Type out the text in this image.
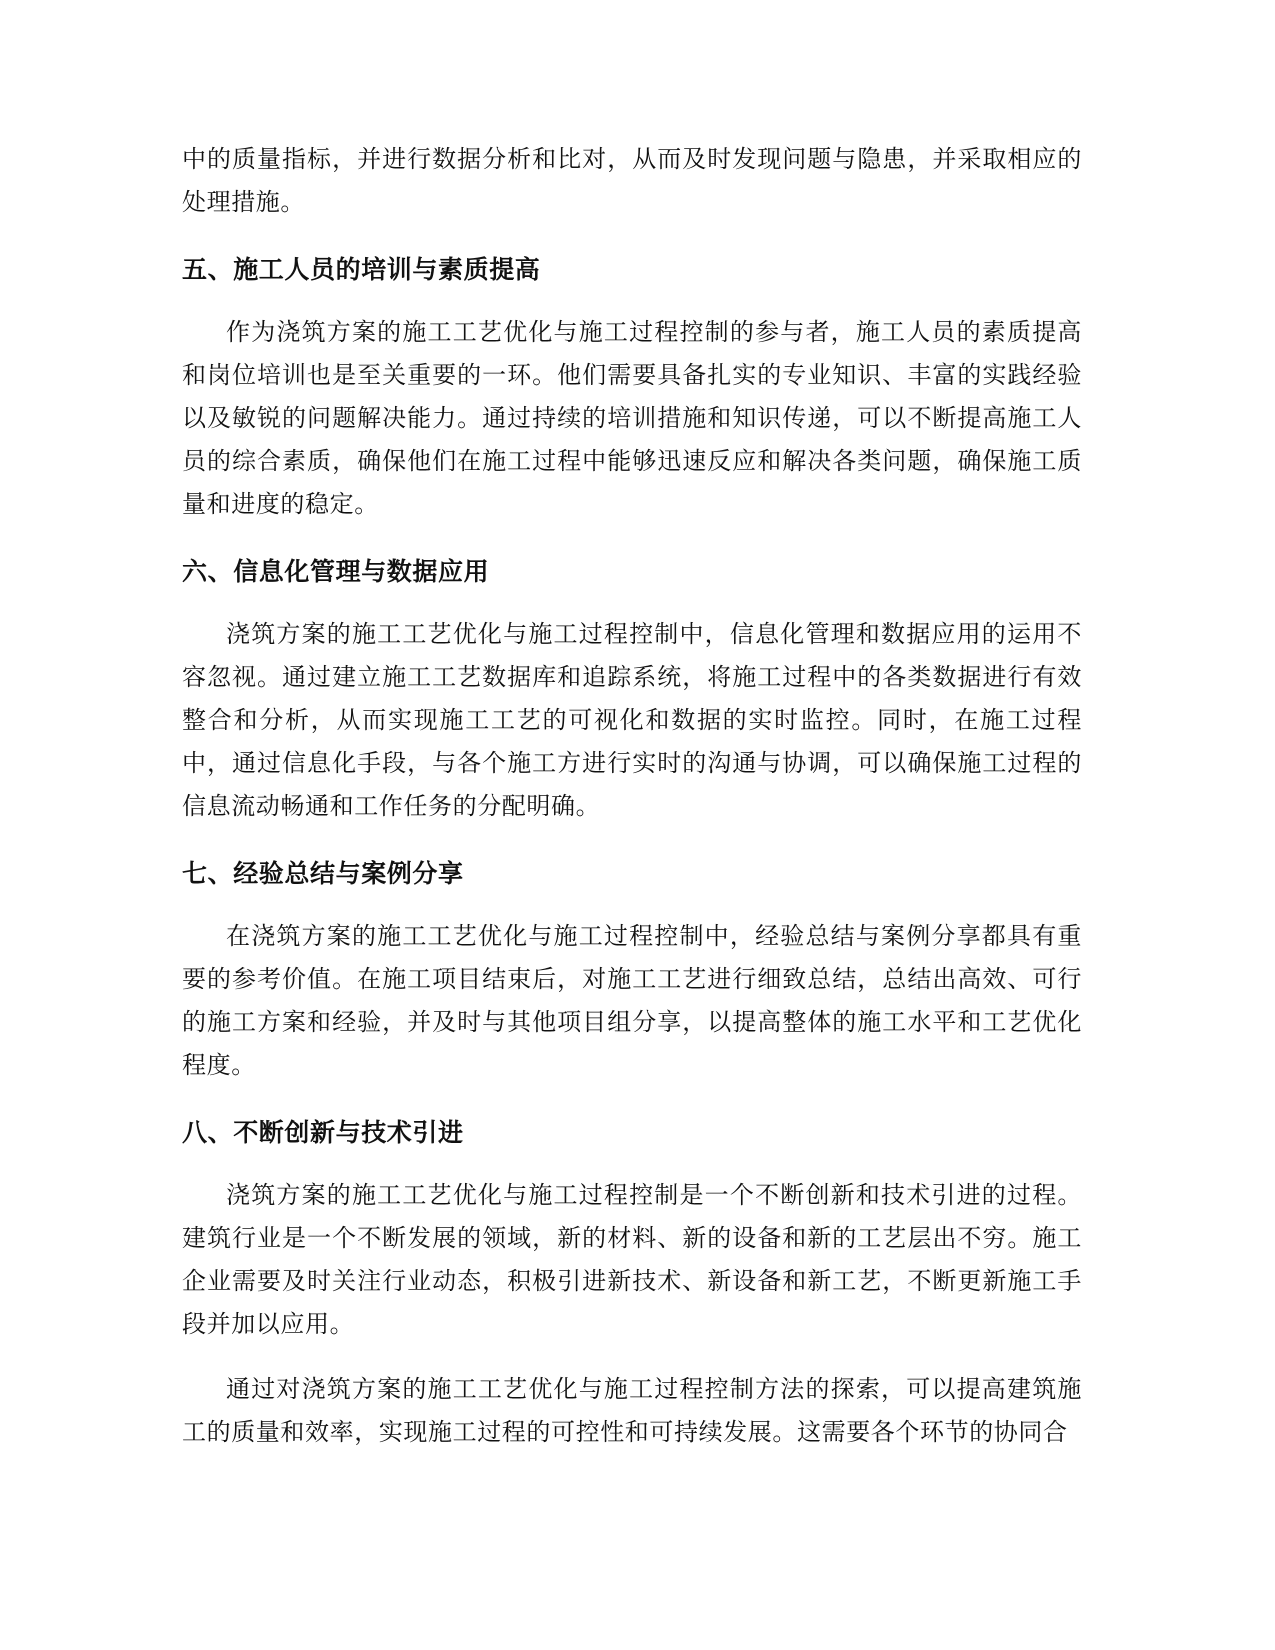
中的质量指标，并进行数据分析和比对，从而及时发现问题与隐患，并采取相应的处理措施。

五、施工人员的培训与素质提高

作为浇筑方案的施工工艺优化与施工过程控制的参与者，施工人员的素质提高和岗位培训也是至关重要的一环。他们需要具备扎实的专业知识、丰富的实践经验以及敏锐的问题解决能力。通过持续的培训措施和知识传递，可以不断提高施工人员的综合素质，确保他们在施工过程中能够迅速反应和解决各类问题，确保施工质量和进度的稳定。

六、信息化管理与数据应用

浇筑方案的施工工艺优化与施工过程控制中，信息化管理和数据应用的运用不容忽视。通过建立施工工艺数据库和追踪系统，将施工过程中的各类数据进行有效整合和分析，从而实现施工工艺的可视化和数据的实时监控。同时，在施工过程中，通过信息化手段，与各个施工方进行实时的沟通与协调，可以确保施工过程的信息流动畅通和工作任务的分配明确。

七、经验总结与案例分享

在浇筑方案的施工工艺优化与施工过程控制中，经验总结与案例分享都具有重要的参考价值。在施工项目结束后，对施工工艺进行细致总结，总结出高效、可行的施工方案和经验，并及时与其他项目组分享，以提高整体的施工水平和工艺优化程度。

八、不断创新与技术引进

浇筑方案的施工工艺优化与施工过程控制是一个不断创新和技术引进的过程。建筑行业是一个不断发展的领域，新的材料、新的设备和新的工艺层出不穷。施工企业需要及时关注行业动态，积极引进新技术、新设备和新工艺，不断更新施工手段并加以应用。

通过对浇筑方案的施工工艺优化与施工过程控制方法的探索，可以提高建筑施工的质量和效率，实现施工过程的可控性和可持续发展。这需要各个环节的协同合
